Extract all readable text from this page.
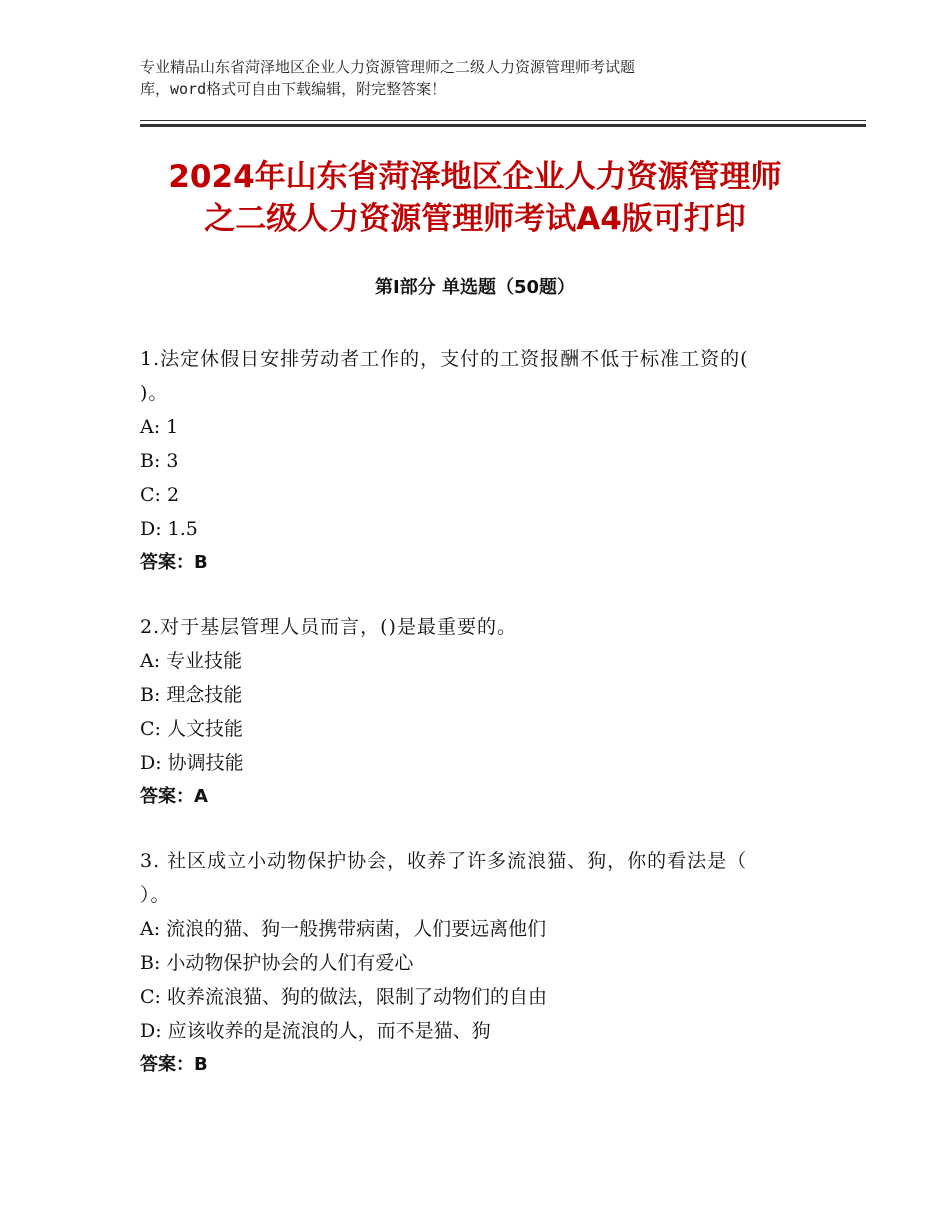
专业精品山东省菏泽地区企业人力资源管理师之二级人力资源管理师考试题
库，word格式可自由下载编辑，附完整答案！
2024年山东省菏泽地区企业人力资源管理师
之二级人力资源管理师考试A4版可打印
第Ⅰ部分 单选题（50题）
1.法定休假日安排劳动者工作的，支付的工资报酬不低于标准工资的(
)。
A: 1
B: 3
C: 2
D: 1.5
答案：B
2.对于基层管理人员而言，()是最重要的。
A: 专业技能
B: 理念技能
C: 人文技能
D: 协调技能
答案：A
3. 社区成立小动物保护协会，收养了许多流浪猫、狗，你的看法是（
）。
A: 流浪的猫、狗一般携带病菌，人们要远离他们
B: 小动物保护协会的人们有爱心
C: 收养流浪猫、狗的做法，限制了动物们的自由
D: 应该收养的是流浪的人，而不是猫、狗
答案：B
